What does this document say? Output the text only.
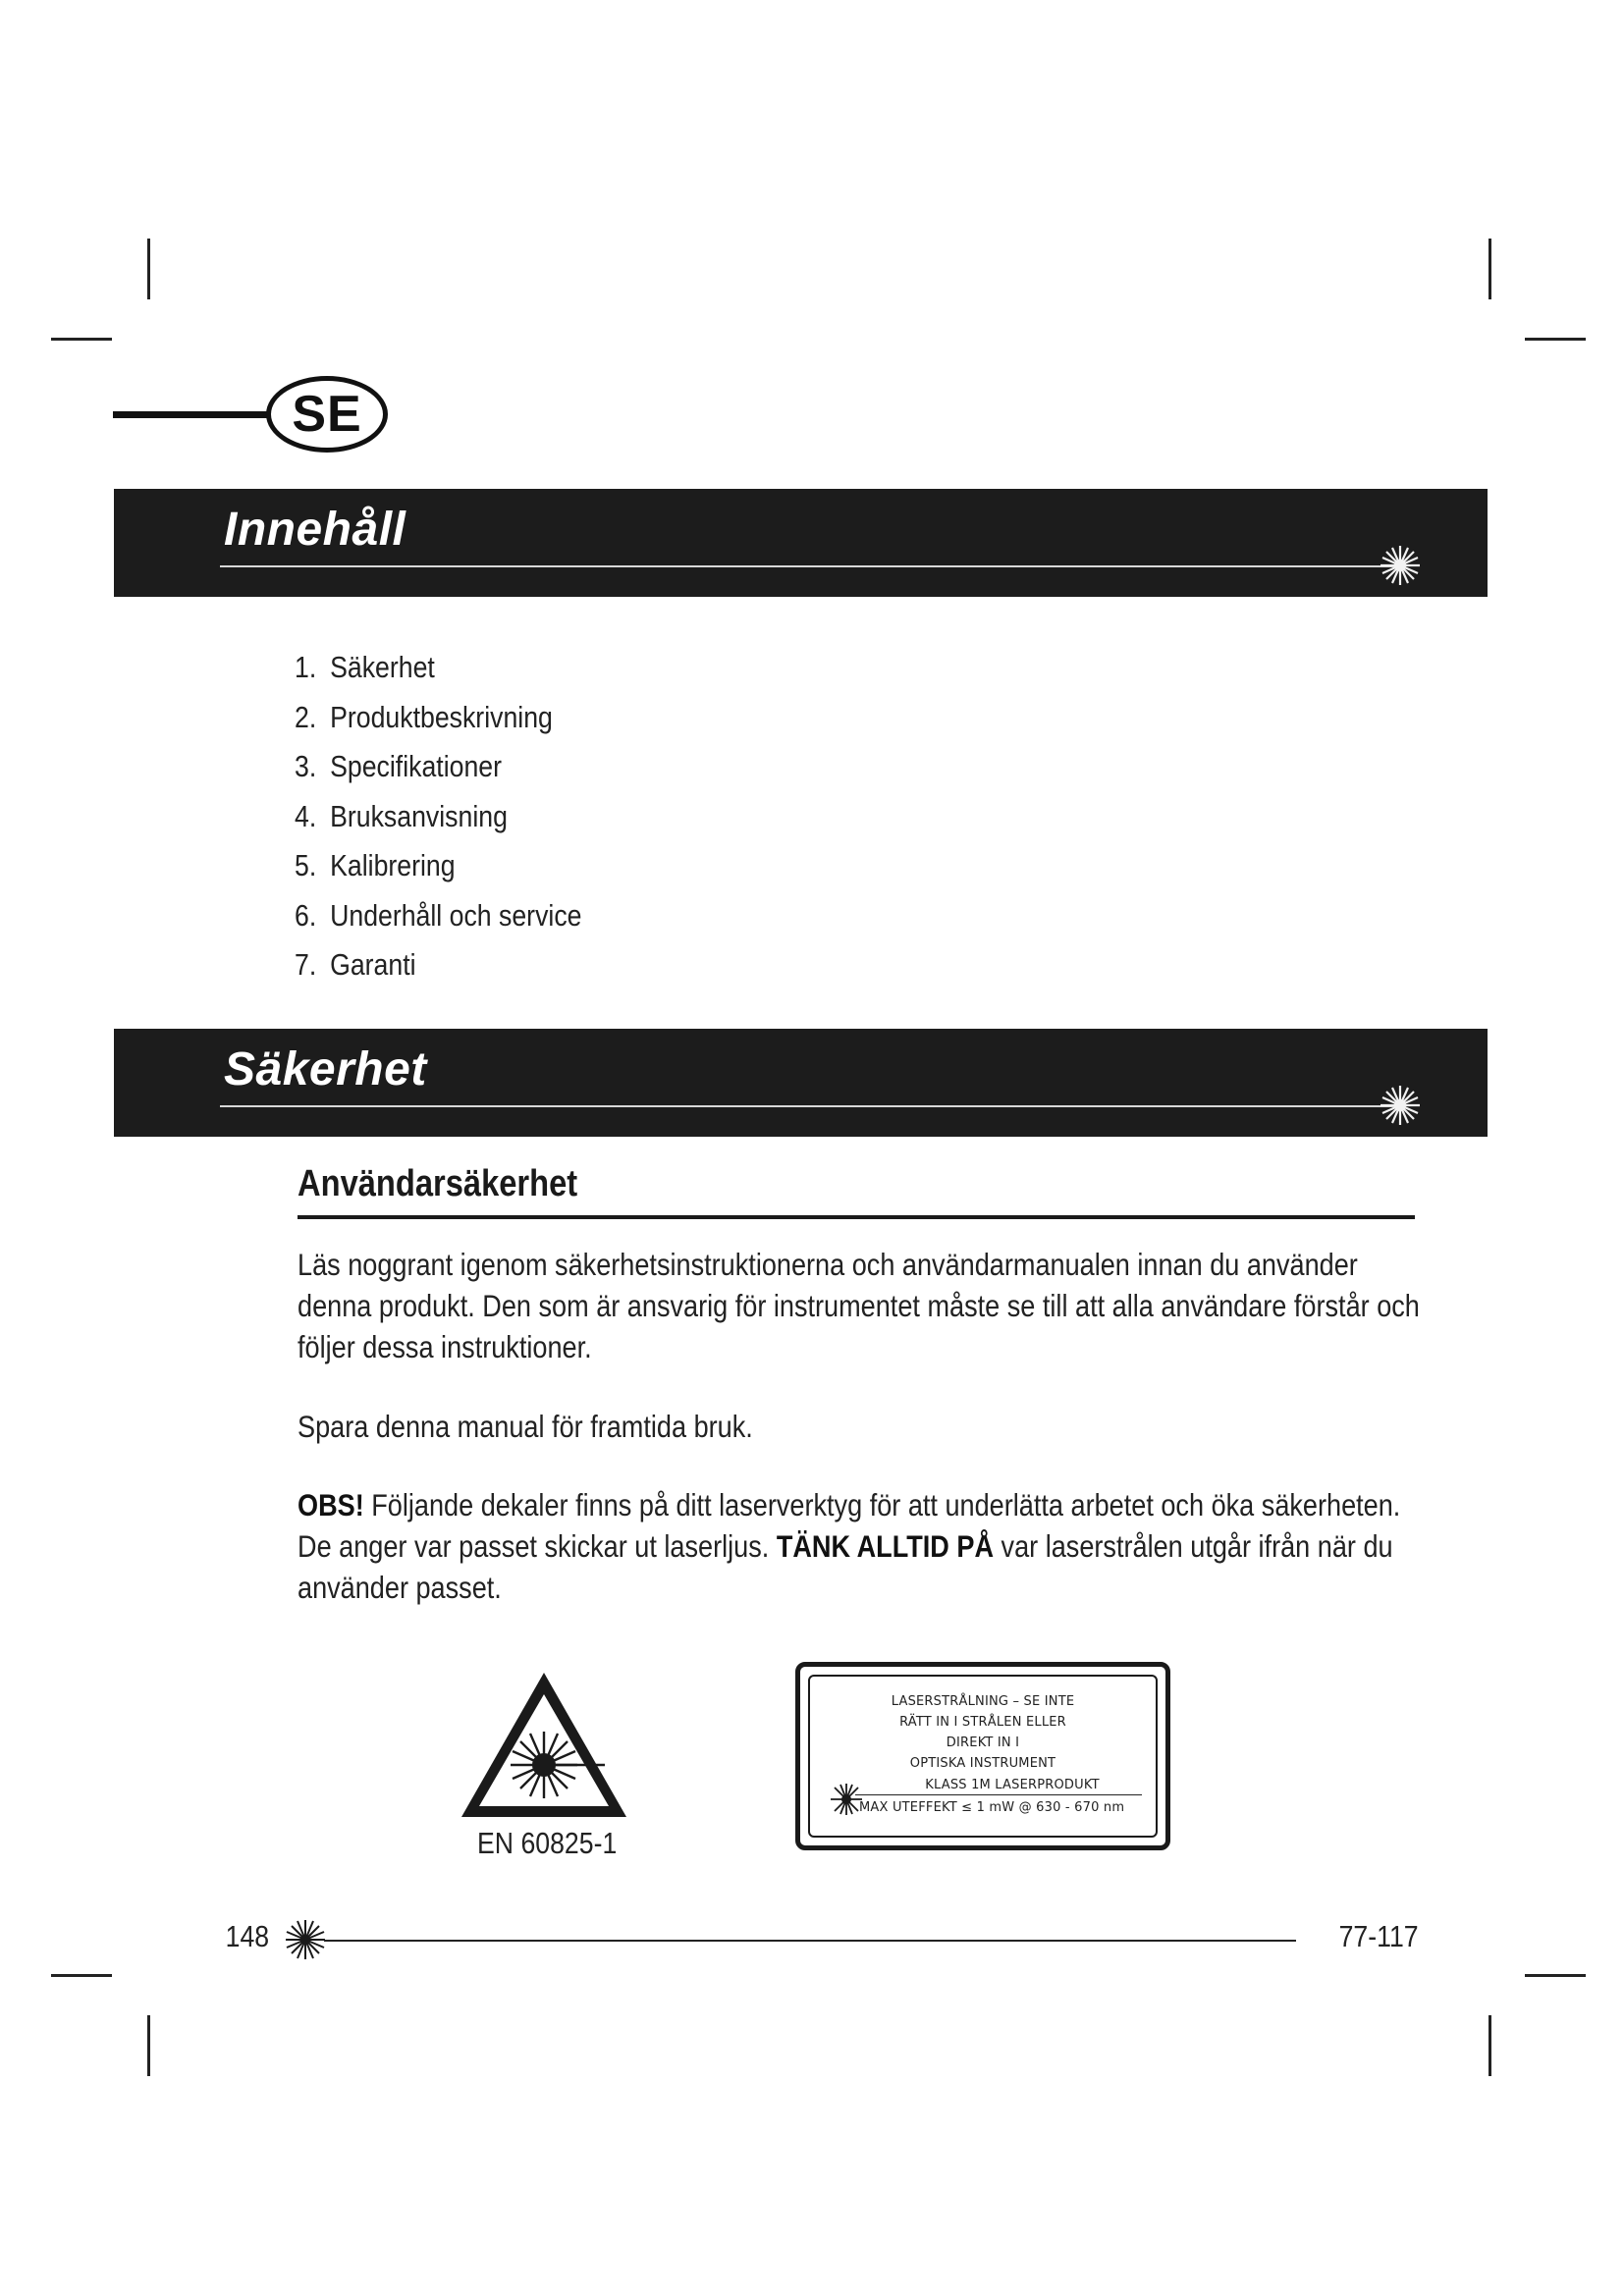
SE
Innehåll
1. Säkerhet
2. Produktbeskrivning
3. Specifikationer
4. Bruksanvisning
5. Kalibrering
6. Underhåll och service
7. Garanti
Säkerhet
Användarsäkerhet
Läs noggrant igenom säkerhetsinstruktionerna och användarmanualen innan du använder denna produkt. Den som är ansvarig för instrumentet måste se till att alla användare förstår och följer dessa instruktioner.
Spara denna manual för framtida bruk.
OBS! Följande dekaler finns på ditt laserverktyg för att underlätta arbetet och öka säkerheten. De anger var passet skickar ut laserljus. TÄNK ALLTID PÅ var laserstrålen utgår ifrån när du använder passet.
EN 60825-1
LASERSTRÅLNING – SE INTE
RÄTT IN I STRÅLEN ELLER
DIREKT IN I
OPTISKA INSTRUMENT
KLASS 1M LASERPRODUKT
MAX UTEFFEKT ≤ 1 mW @ 630 - 670 nm
148	77-117
